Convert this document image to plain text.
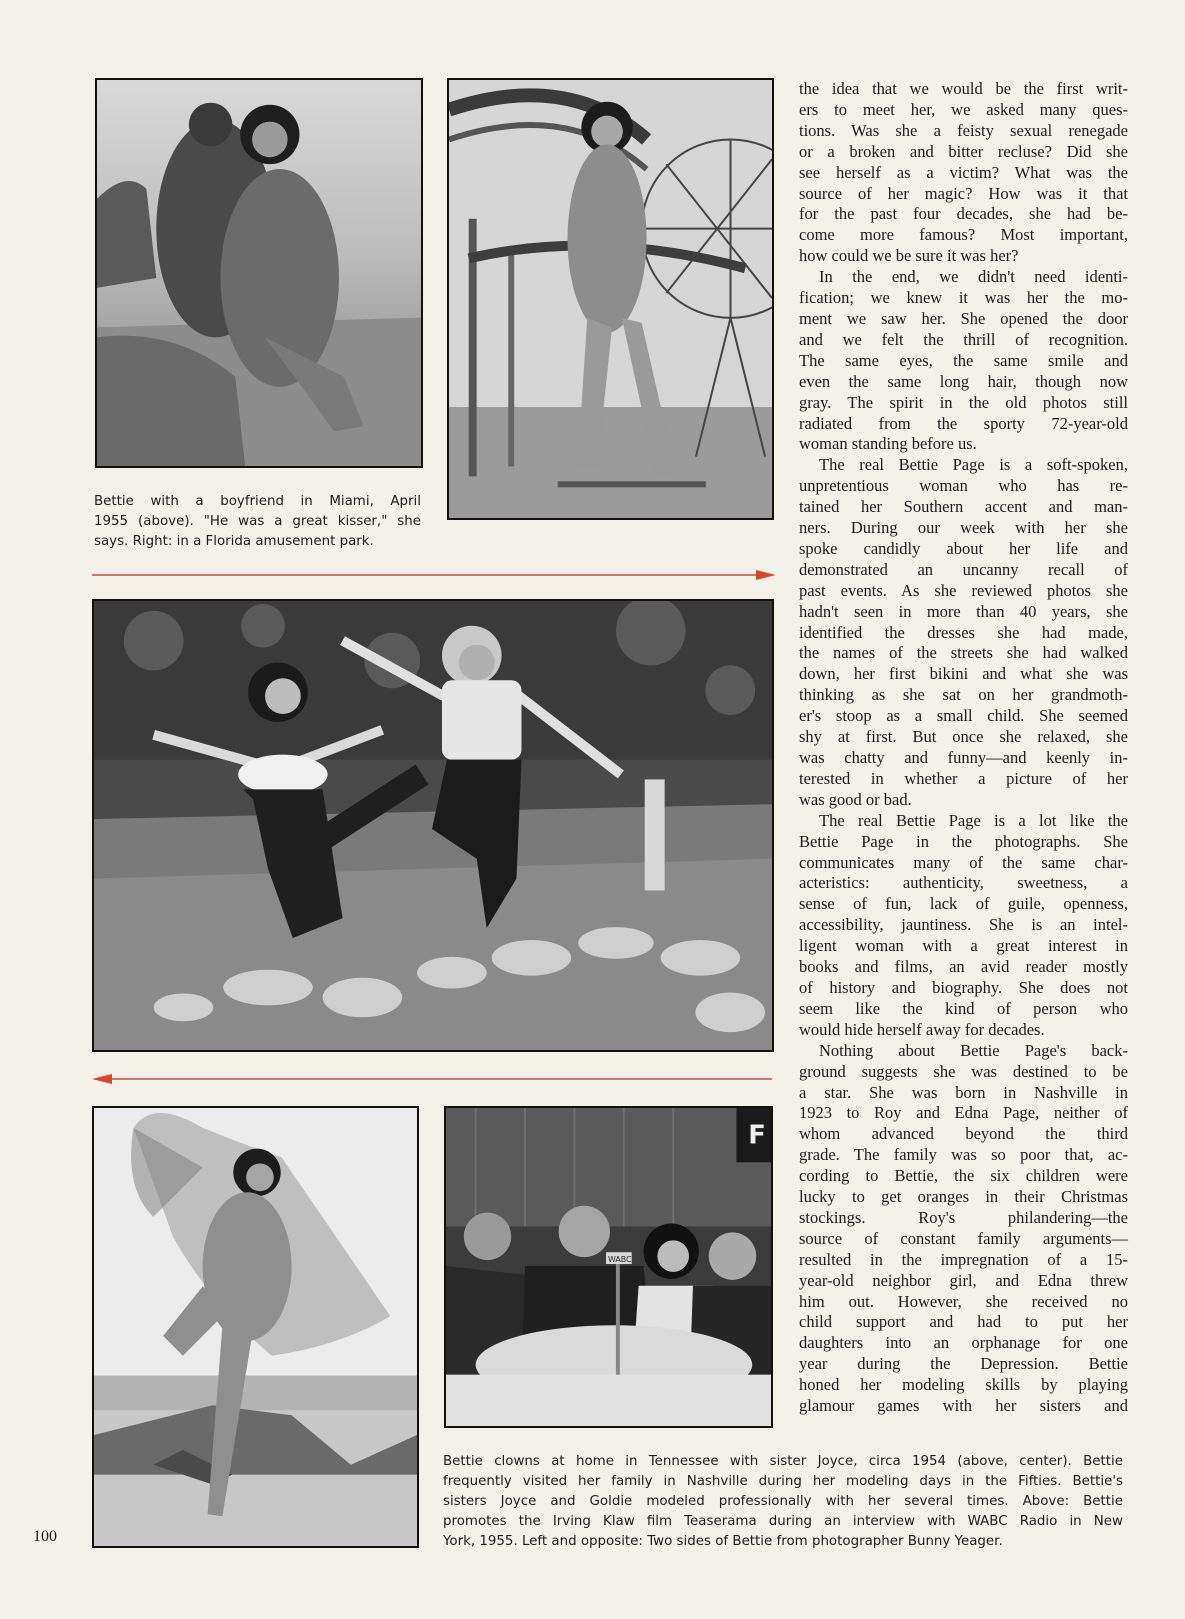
Bettie with a boyfriend in Miami, April
1955 (above). "He was a great kisser," she
says. Right: in a Florida amusement park.
F
WABC
the idea that we would be the first writ-
ers to meet her, we asked many ques-
tions. Was she a feisty sexual renegade
or a broken and bitter recluse? Did she
see herself as a victim? What was the
source of her magic? How was it that
for the past four decades, she had be-
come more famous? Most important,
how could we be sure it was her?
In the end, we didn't need identi-
fication; we knew it was her the mo-
ment we saw her. She opened the door
and we felt the thrill of recognition.
The same eyes, the same smile and
even the same long hair, though now
gray. The spirit in the old photos still
radiated from the sporty 72-year-old
woman standing before us.
The real Bettie Page is a soft-spoken,
unpretentious woman who has re-
tained her Southern accent and man-
ners. During our week with her she
spoke candidly about her life and
demonstrated an uncanny recall of
past events. As she reviewed photos she
hadn't seen in more than 40 years, she
identified the dresses she had made,
the names of the streets she had walked
down, her first bikini and what she was
thinking as she sat on her grandmoth-
er's stoop as a small child. She seemed
shy at first. But once she relaxed, she
was chatty and funny—and keenly in-
terested in whether a picture of her
was good or bad.
The real Bettie Page is a lot like the
Bettie Page in the photographs. She
communicates many of the same char-
acteristics: authenticity, sweetness, a
sense of fun, lack of guile, openness,
accessibility, jauntiness. She is an intel-
ligent woman with a great interest in
books and films, an avid reader mostly
of history and biography. She does not
seem like the kind of person who
would hide herself away for decades.
Nothing about Bettie Page's back-
ground suggests she was destined to be
a star. She was born in Nashville in
1923 to Roy and Edna Page, neither of
whom advanced beyond the third
grade. The family was so poor that, ac-
cording to Bettie, the six children were
lucky to get oranges in their Christmas
stockings. Roy's philandering—the
source of constant family arguments—
resulted in the impregnation of a 15-
year-old neighbor girl, and Edna threw
him out. However, she received no
child support and had to put her
daughters into an orphanage for one
year during the Depression. Bettie
honed her modeling skills by playing
glamour games with her sisters and
Bettie clowns at home in Tennessee with sister Joyce, circa 1954 (above, center). Bettie
frequently visited her family in Nashville during her modeling days in the Fifties. Bettie's
sisters Joyce and Goldie modeled professionally with her several times. Above: Bettie
promotes the Irving Klaw film Teaserama during an interview with WABC Radio in New
York, 1955. Left and opposite: Two sides of Bettie from photographer Bunny Yeager.
100
